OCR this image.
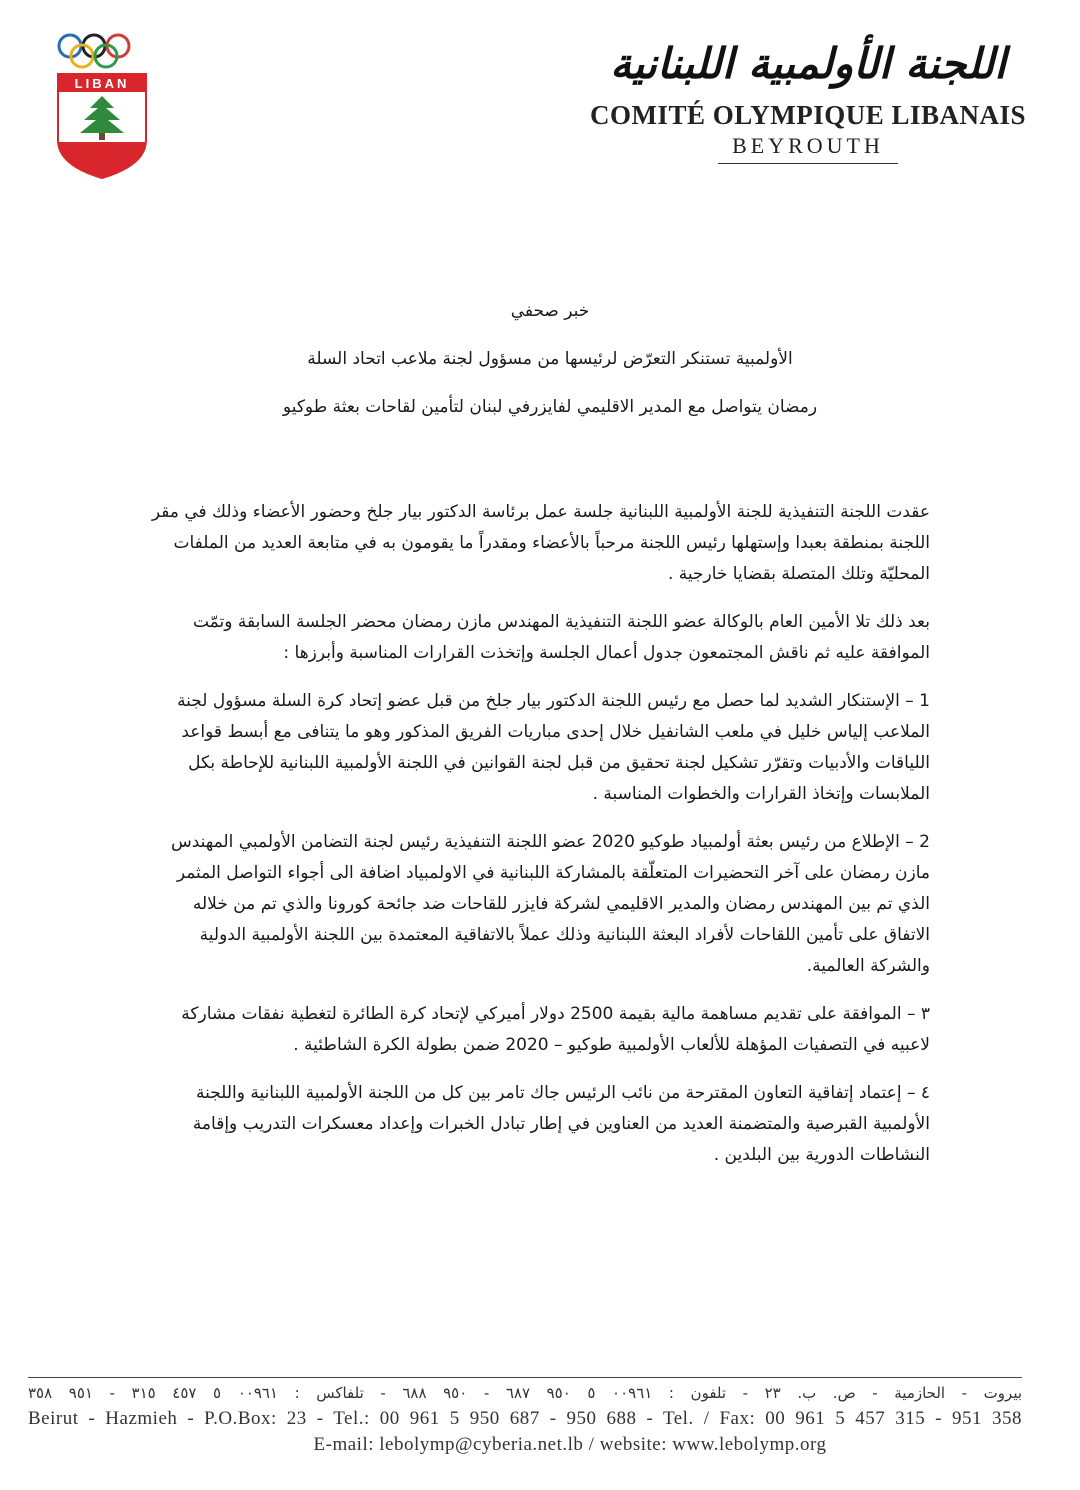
LIBAN	اللجنة الأولمبية اللبنانية
COMITÉ OLYMPIQUE LIBANAIS
BEYROUTH
خبر صحفي
الأولمبية تستنكر التعرّض لرئيسها من مسؤول لجنة ملاعب اتحاد السلة
رمضان يتواصل مع المدير الاقليمي لفايزرفي لبنان لتأمين لقاحات بعثة طوكيو

عقدت اللجنة التنفيذية للجنة الأولمبية اللبنانية جلسة عمل برئاسة الدكتور بيار جلخ وحضور الأعضاء وذلك في مقر اللجنة بمنطقة بعبدا وإستهلها رئيس اللجنة مرحباً بالأعضاء ومقدراً ما يقومون به في متابعة العديد من الملفات المحليّة وتلك المتصلة بقضايا خارجية .

بعد ذلك تلا الأمين العام بالوكالة عضو اللجنة التنفيذية المهندس مازن رمضان محضر الجلسة السابقة وتمّت الموافقة عليه ثم ناقش المجتمعون جدول أعمال الجلسة وإتخذت القرارات المناسبة وأبرزها :

1 – الإستنكار الشديد لما حصل مع رئيس اللجنة الدكتور بيار جلخ من قبل عضو إتحاد كرة السلة مسؤول لجنة الملاعب إلياس خليل في ملعب الشانفيل خلال إحدى مباريات الفريق المذكور وهو ما يتنافى مع أبسط قواعد اللياقات والأدبيات وتقرّر تشكيل لجنة تحقيق من قبل لجنة القوانين في اللجنة الأولمبية اللبنانية للإحاطة بكل الملابسات وإتخاذ القرارات والخطوات المناسبة .

2 – الإطلاع من رئيس بعثة أولمبياد طوكيو 2020 عضو اللجنة التنفيذية رئيس لجنة التضامن الأولمبي المهندس مازن رمضان على آخر التحضيرات المتعلّقة بالمشاركة اللبنانية في الاولمبياد اضافة الى أجواء التواصل المثمر الذي تم بين المهندس رمضان والمدير الاقليمي لشركة فايزر للقاحات ضد جائحة كورونا والذي تم من خلاله الاتفاق على تأمين اللقاحات لأفراد البعثة اللبنانية وذلك عملاً بالاتفاقية المعتمدة بين اللجنة الأولمبية الدولية والشركة العالمية.

٣ – الموافقة على تقديم مساهمة مالية بقيمة 2500 دولار أميركي لإتحاد كرة الطائرة لتغطية نفقات مشاركة لاعبيه في التصفيات المؤهلة للألعاب الأولمبية طوكيو – 2020 ضمن بطولة الكرة الشاطئية .

٤ – إعتماد إتفاقية التعاون المقترحة من نائب الرئيس جاك تامر بين كل من اللجنة الأولمبية اللبنانية واللجنة الأولمبية القبرصية والمتضمنة العديد من العناوين في إطار تبادل الخبرات وإعداد معسكرات التدريب وإقامة النشاطات الدورية بين البلدين .

بيروت - الحازمية - ص. ب. ٢٣ - تلفون : ٠٠٩٦١ ٥ ٩٥٠ ٦٨٧ - ٩٥٠ ٦٨٨ - تلفاكس : ٠٠٩٦١ ٥ ٤٥٧ ٣١٥ - ٩٥١ ٣٥٨
Beirut - Hazmieh - P.O.Box: 23 - Tel.: 00 961 5 950 687 - 950 688 - Tel. / Fax: 00 961 5 457 315 - 951 358
E-mail: lebolymp@cyberia.net.lb / website: www.lebolymp.org
